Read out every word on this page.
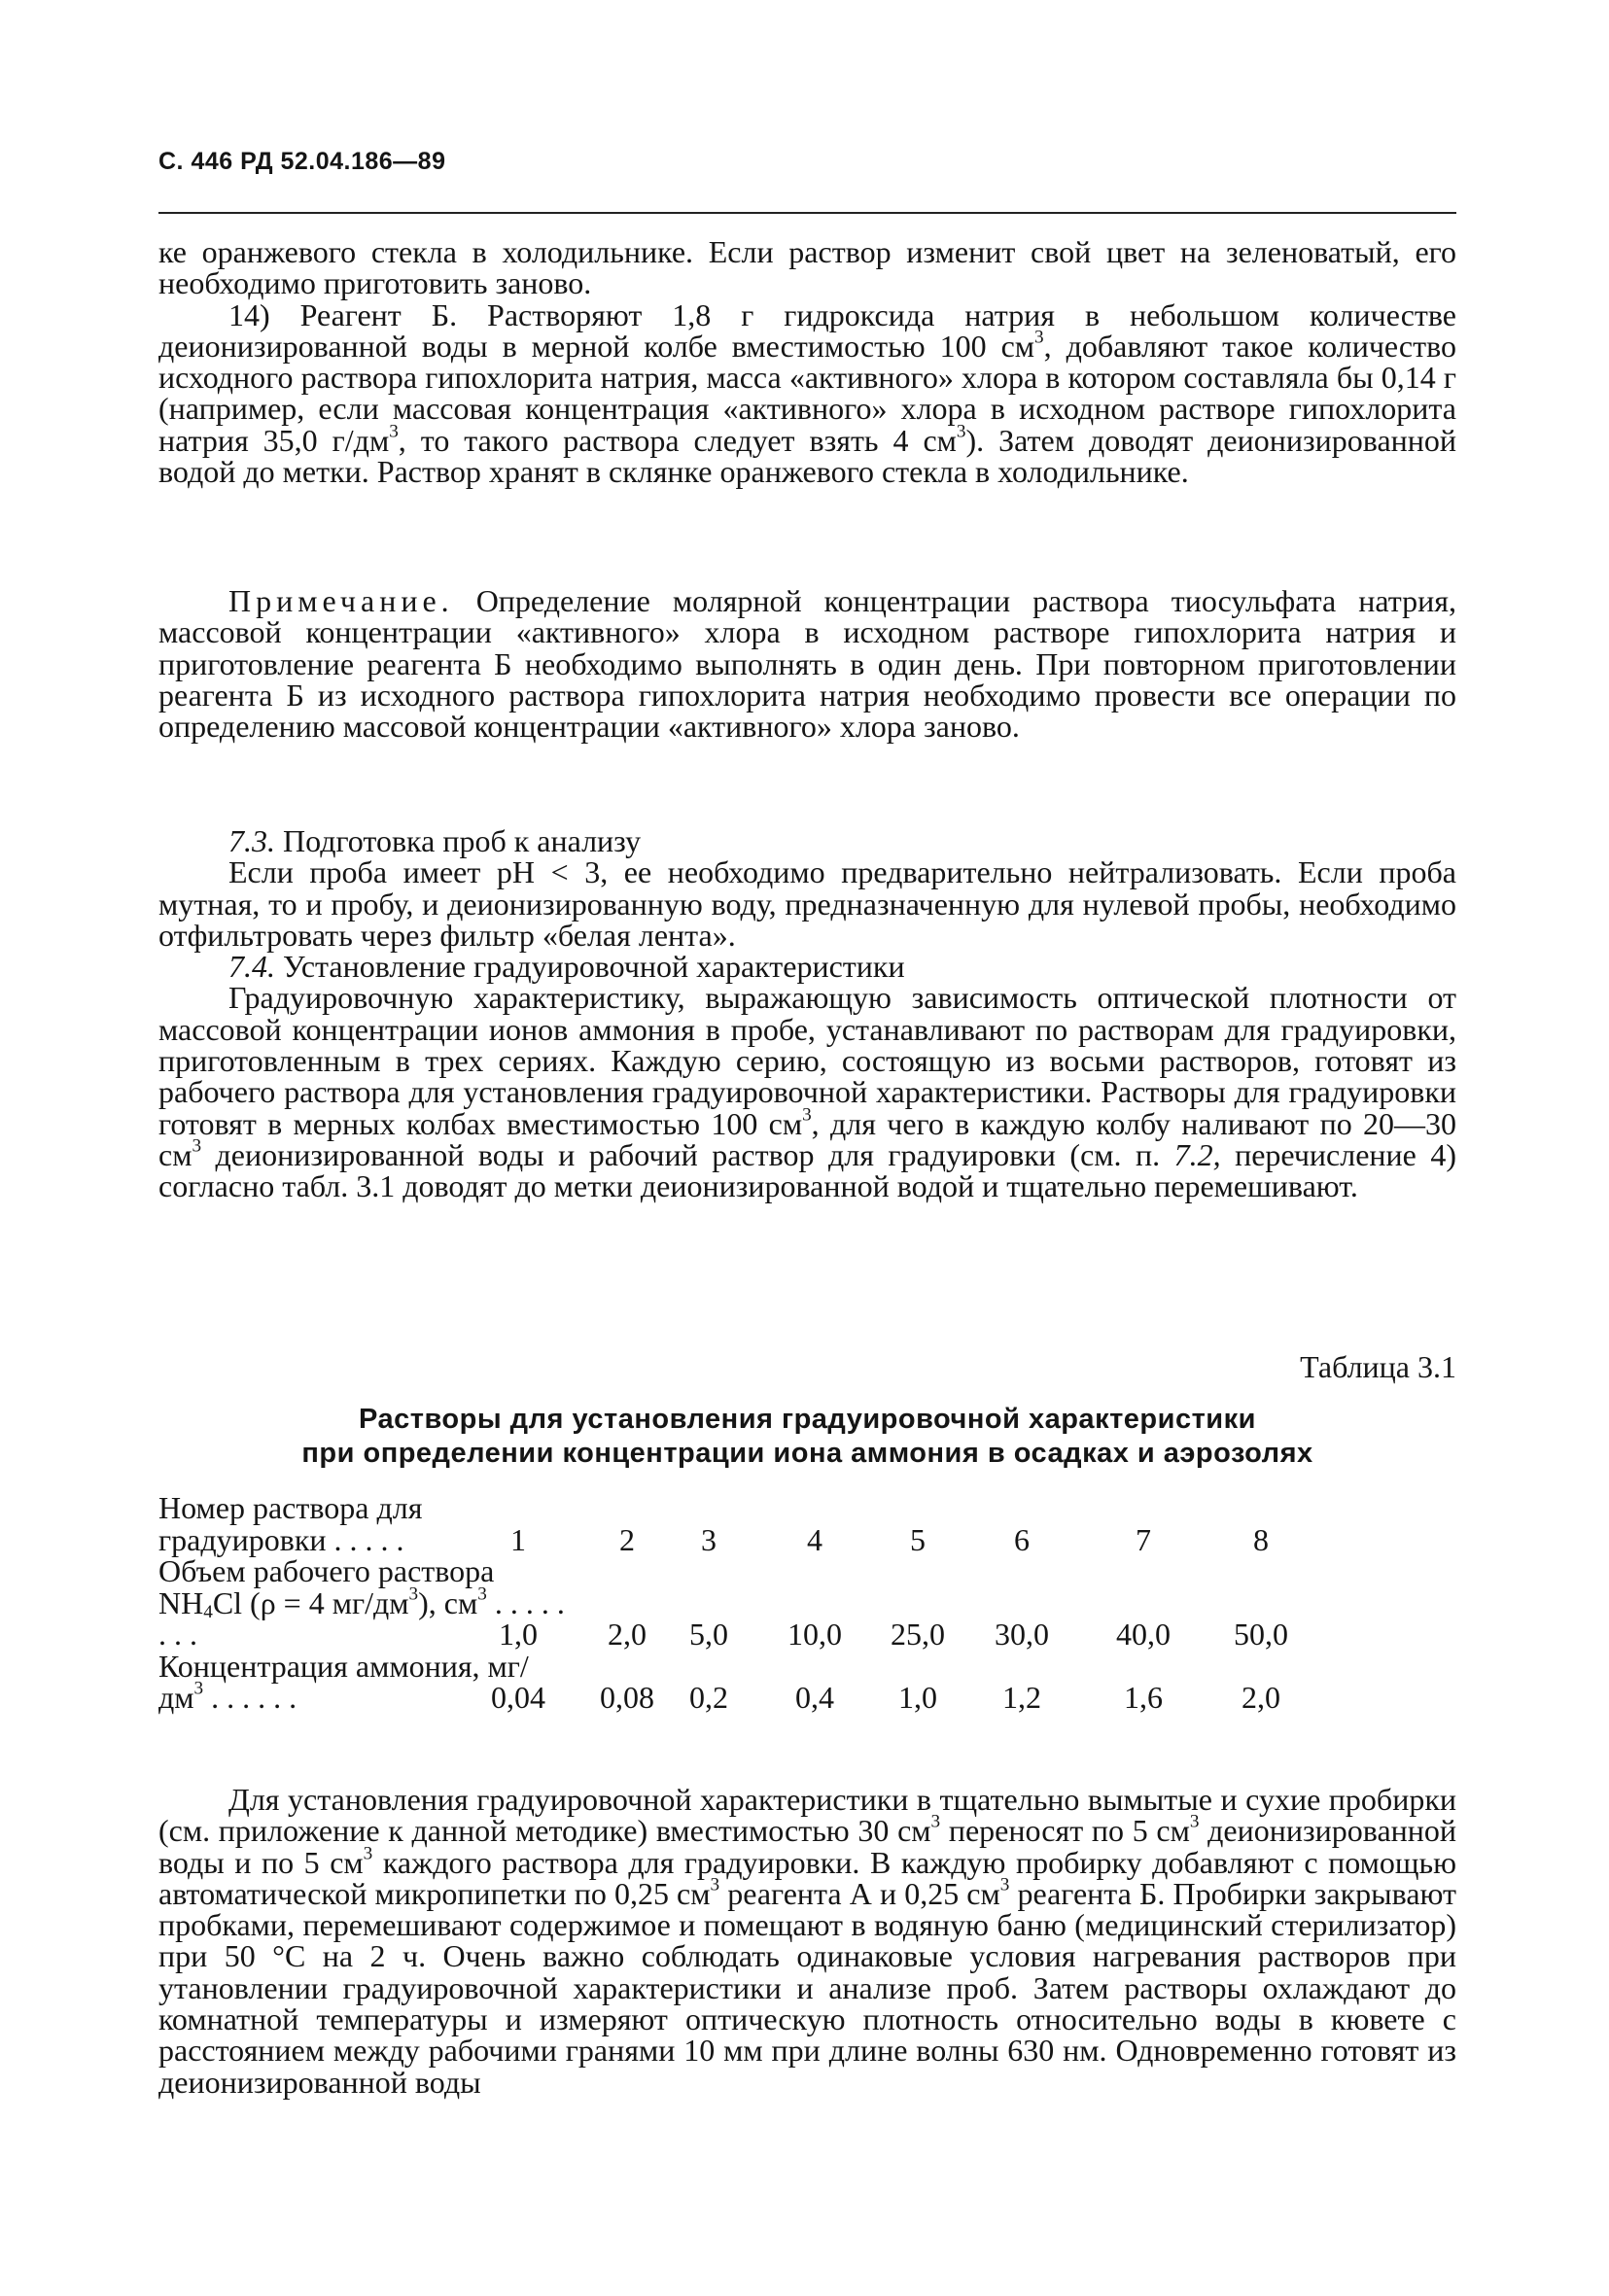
С. 446 РД 52.04.186—89

ке оранжевого стекла в холодильнике. Если раствор изменит свой цвет на зеленоватый, его необходимо приготовить заново.

14) Реагент Б. Растворяют 1,8 г гидроксида натрия в небольшом количестве деионизированной воды в мерной колбе вместимостью 100 $см^3$, добавляют такое количество исходного раствора гипохлорита натрия, масса «активного» хлора в котором составляла бы 0,14 г (например, если массовая концентрация «активного» хлора в исходном растворе гипохлорита натрия 35,0 $г/дм^3$, то такого раствора следует взять 4 $см^3$). Затем доводят деионизированной водой до метки. Раствор хранят в склянке оранжевого стекла в холодильнике.

Примечание. Определение молярной концентрации раствора тиосульфата натрия, массовой концентрации «активного» хлора в исходном растворе гипохлорита натрия и приготовление реагента Б необходимо выполнять в один день. При повторном приготовлении реагента Б из исходного раствора гипохлорита натрия необходимо провести все операции по определению массовой концентрации «активного» хлора заново.

7.3. Подготовка проб к анализу

Если проба имеет pH < 3, ее необходимо предварительно нейтрализовать. Если проба мутная, то и пробу, и деионизированную воду, предназначенную для нулевой пробы, необходимо отфильтровать через фильтр «белая лента».

7.4. Установление градуировочной характеристики

Градуировочную характеристику, выражающую зависимость оптической плотности от массовой концентрации ионов аммония в пробе, устанавливают по растворам для градуировки, приготовленным в трех сериях. Каждую серию, состоящую из восьми растворов, готовят из рабочего раствора для установления градуировочной характеристики. Растворы для градуировки готовят в мерных колбах вместимостью 100 $см^3$, для чего в каждую колбу наливают по 20—30 $см^3$ деионизированной воды и рабочий раствор для градуировки (см. п. 7.2, перечисление 4) согласно табл. 3.1 доводят до метки деионизированной водой и тщательно перемешивают.

Таблица 3.1
Растворы для установления градуировочной характеристики
при определении концентрации иона аммония в осадках и аэрозолях
Номер раствора для градуировки . . . . .	1	2	3	4	5	6	7	8
Объем рабочего раствора $NH_4Cl$ (ρ = 4 $мг/дм^3$), $см^3$ . . . . . . . .	1,0	2,0	5,0	10,0	25,0	30,0	40,0	50,0
Концентрация аммония, $мг/дм^3$ . . . . . .	0,04	0,08	0,2	0,4	1,0	1,2	1,6	2,0

Для установления градуировочной характеристики в тщательно вымытые и сухие пробирки (см. приложение к данной методике) вместимостью 30 $см^3$ переносят по 5 $см^3$ деионизированной воды и по 5 $см^3$ каждого раствора для градуировки. В каждую пробирку добавляют с помощью автоматической микропипетки по 0,25 $см^3$ реагента А и 0,25 $см^3$ реагента Б. Пробирки закрывают пробками, перемешивают содержимое и помещают в водяную баню (медицинский стерилизатор) при 50 °С на 2 ч. Очень важно соблюдать одинаковые условия нагревания растворов при утановлении градуировочной характеристики и анализе проб. Затем растворы охлаждают до комнатной температуры и измеряют оптическую плотность относительно воды в кювете с расстоянием между рабочими гранями 10 мм при длине волны 630 нм. Одновременно готовят из деионизированной воды
